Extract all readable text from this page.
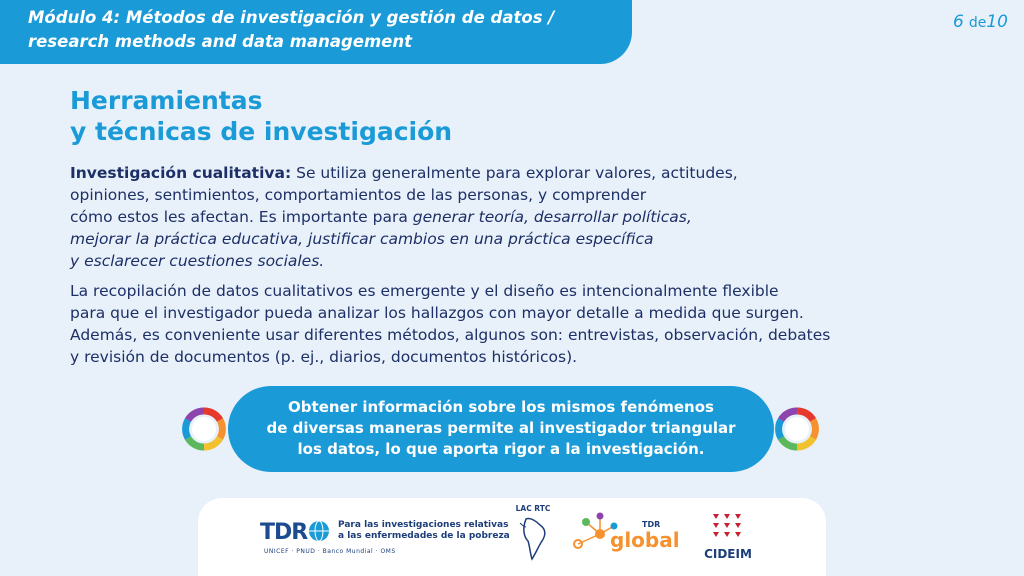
Módulo 4: Métodos de investigación y gestión de datos /
research methods and data management
6 de10
Herramientas
y técnicas de investigación
Investigación cualitativa: Se utiliza generalmente para explorar valores, actitudes,
opiniones, sentimientos, comportamientos de las personas, y comprender
cómo estos les afectan. Es importante para generar teoría, desarrollar políticas,
mejorar la práctica educativa, justificar cambios en una práctica específica
y esclarecer cuestiones sociales.
La recopilación de datos cualitativos es emergente y el diseño es intencionalmente flexible
para que el investigador pueda analizar los hallazgos con mayor detalle a medida que surgen.
Además, es conveniente usar diferentes métodos, algunos son: entrevistas, observación, debates
y revisión de documentos (p. ej., diarios, documentos históricos).
Obtener información sobre los mismos fenómenos
de diversas maneras permite al investigador triangular
los datos, lo que aporta rigor a la investigación.
TDR	Para las investigaciones relativas
a las enfermedades de la pobreza
UNICEF · PNUD · Banco Mundial · OMS
LAC RTC
TDR
global
CIDEIM
